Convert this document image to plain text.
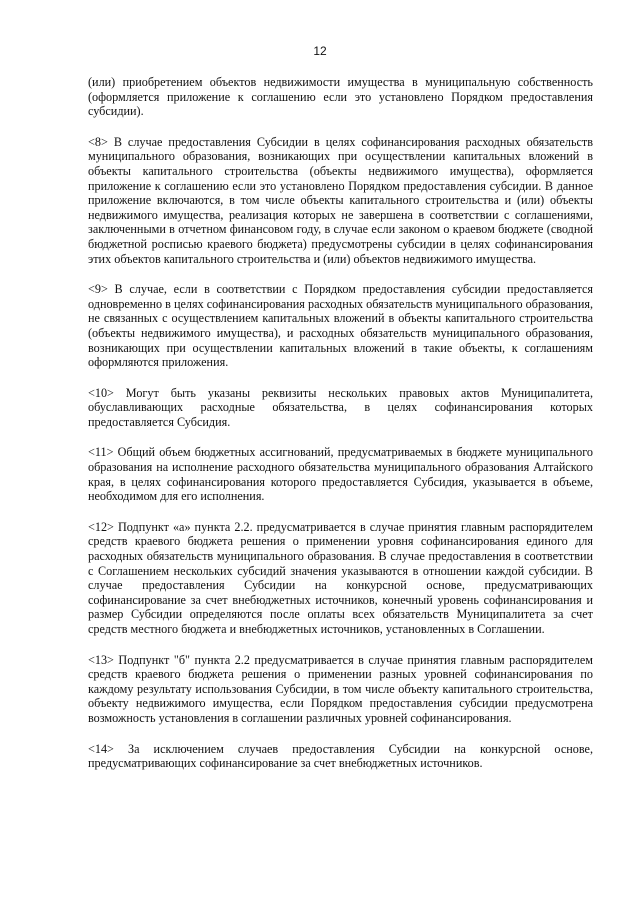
12

(или) приобретением объектов недвижимости имущества в муниципальную собственность (оформляется приложение к соглашению если это установлено Порядком предоставления субсидии).

<8> В случае предоставления Субсидии в целях софинансирования расходных обязательств муниципального образования, возникающих при осуществлении капитальных вложений в объекты капитального строительства (объекты недвижимого имущества), оформляется приложение к соглашению если это установлено Порядком предоставления субсидии. В данное приложение включаются, в том числе объекты капитального строительства и (или) объекты недвижимого имущества, реализация которых не завершена в соответствии с соглашениями, заключенными в отчетном финансовом году, в случае если законом о краевом бюджете (сводной бюджетной росписью краевого бюджета) предусмотрены субсидии в целях софинансирования этих объектов капитального строительства и (или) объектов недвижимого имущества.

<9> В случае, если в соответствии с Порядком предоставления субсидии предоставляется одновременно в целях софинансирования расходных обязательств муниципального образования, не связанных с осуществлением капитальных вложений в объекты капитального строительства (объекты недвижимого имущества), и расходных обязательств муниципального образования, возникающих при осуществлении капитальных вложений в такие объекты, к соглашениям оформляются приложения.

<10> Могут быть указаны реквизиты нескольких правовых актов Муниципалитета, обуславливающих расходные обязательства, в целях софинансирования которых предоставляется Субсидия.

<11> Общий объем бюджетных ассигнований, предусматриваемых в бюджете муниципального образования на исполнение расходного обязательства муниципального образования Алтайского края, в целях софинансирования которого предоставляется Субсидия, указывается в объеме, необходимом для его исполнения.

<12> Подпункт «а» пункта 2.2. предусматривается в случае принятия главным распорядителем средств краевого бюджета решения о применении уровня софинансирования единого для расходных обязательств муниципального образования. В случае предоставления в соответствии с Соглашением нескольких субсидий значения указываются в отношении каждой субсидии. В случае предоставления Субсидии на конкурсной основе, предусматривающих софинансирование за счет внебюджетных источников, конечный уровень софинансирования и размер Субсидии определяются после оплаты всех обязательств Муниципалитета за счет средств местного бюджета и внебюджетных источников, установленных в Соглашении.

<13> Подпункт "б" пункта 2.2 предусматривается в случае принятия главным распорядителем средств краевого бюджета решения о применении разных уровней софинансирования по каждому результату использования Субсидии, в том числе объекту капитального строительства, объекту недвижимого имущества, если Порядком предоставления субсидии предусмотрена возможность установления в соглашении различных уровней софинансирования.

<14> За исключением случаев предоставления Субсидии на конкурсной основе, предусматривающих софинансирование за счет внебюджетных источников.
